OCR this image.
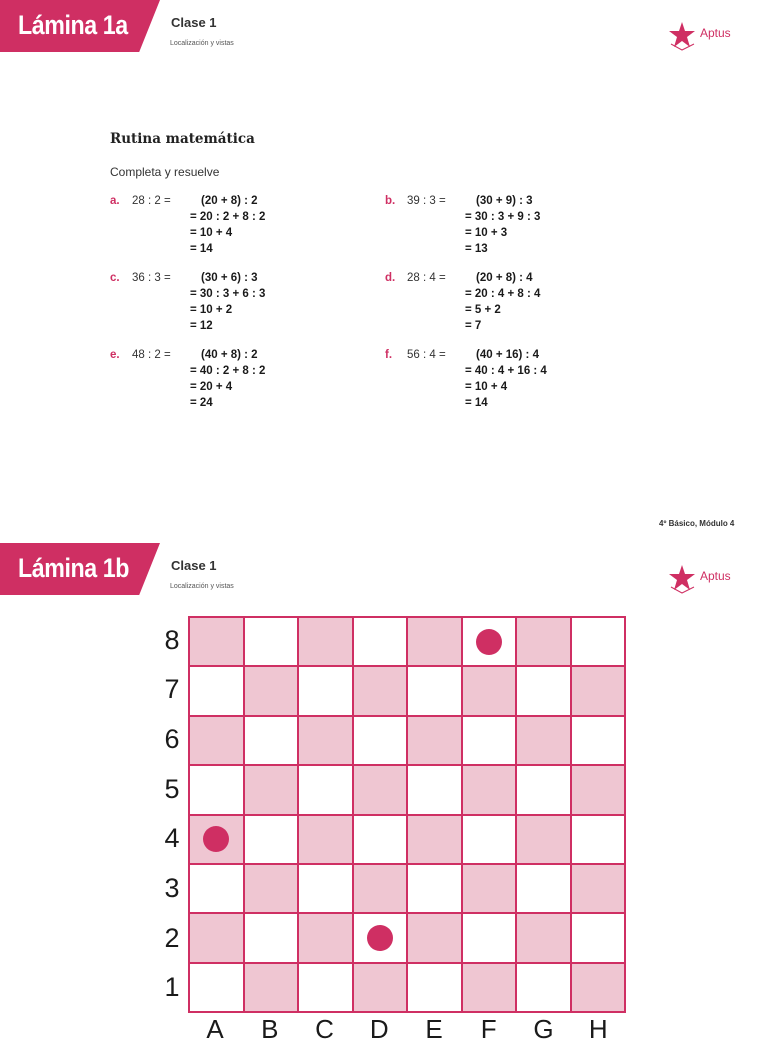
Lámina 1a	Clase 1
Localización y vistas
Aptus
Rutina matemática
Completa y resuelve
a. 28 : 2 =	(20 + 8) : 2
= 20 : 2 + 8 : 2
= 10 + 4
= 14
b. 39 : 3 =	(30 + 9) : 3
= 30 : 3 + 9 : 3
= 10 + 3
= 13
c. 36 : 3 =	(30 + 6) : 3
= 30 : 3 + 6 : 3
= 10 + 2
= 12
d. 28 : 4 =	(20 + 8) : 4
= 20 : 4 + 8 : 4
= 5 + 2
= 7
e. 48 : 2 =	(40 + 8) : 2
= 40 : 2 + 8 : 2
= 20 + 4
= 24
f. 56 : 4 =	(40 + 16) : 4
= 40 : 4 + 16 : 4
= 10 + 4
= 14
4º Básico, Módulo 4
Lámina 1b	Clase 1
Localización y vistas
Aptus
8
7
6
5
4
3
2
1
A	B	C	D	E	F	G	H
